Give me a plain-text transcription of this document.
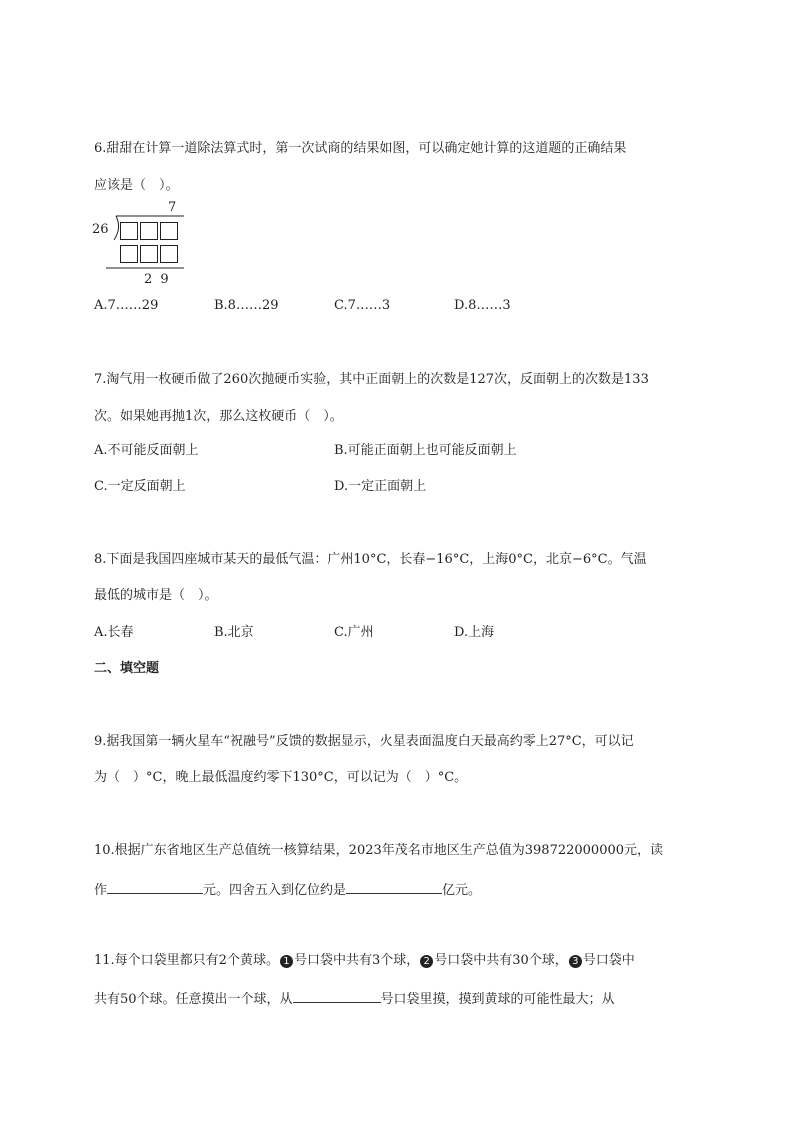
6.甜甜在计算一道除法算式时，第一次试商的结果如图，可以确定她计算的这道题的正确结果
应该是（　）。
7
26
2 9
A.7……29	B.8……29	C.7……3	D.8……3
7.淘气用一枚硬币做了260次抛硬币实验，其中正面朝上的次数是127次，反面朝上的次数是133
次。如果她再抛1次，那么这枚硬币（　）。
A.不可能反面朝上	B.可能正面朝上也可能反面朝上
C.一定反面朝上	D.一定正面朝上
8.下面是我国四座城市某天的最低气温：广州10°C，长春−16°C，上海0°C，北京−6°C。气温
最低的城市是（　）。
A.长春	B.北京	C.广州	D.上海
二、填空题
9.据我国第一辆火星车“祝融号”反馈的数据显示，火星表面温度白天最高约零上27°C，可以记
为（　）°C，晚上最低温度约零下130°C，可以记为（　）°C。
10.根据广东省地区生产总值统一核算结果，2023年茂名市地区生产总值为398722000000元，读
作	元。四舍五入到亿位约是	亿元。
11.每个口袋里都只有2个黄球。 1 号口袋中共有3个球， 2 号口袋中共有30个球， 3 号口袋中
共有50个球。任意摸出一个球，从	号口袋里摸，摸到黄球的可能性最大；从
